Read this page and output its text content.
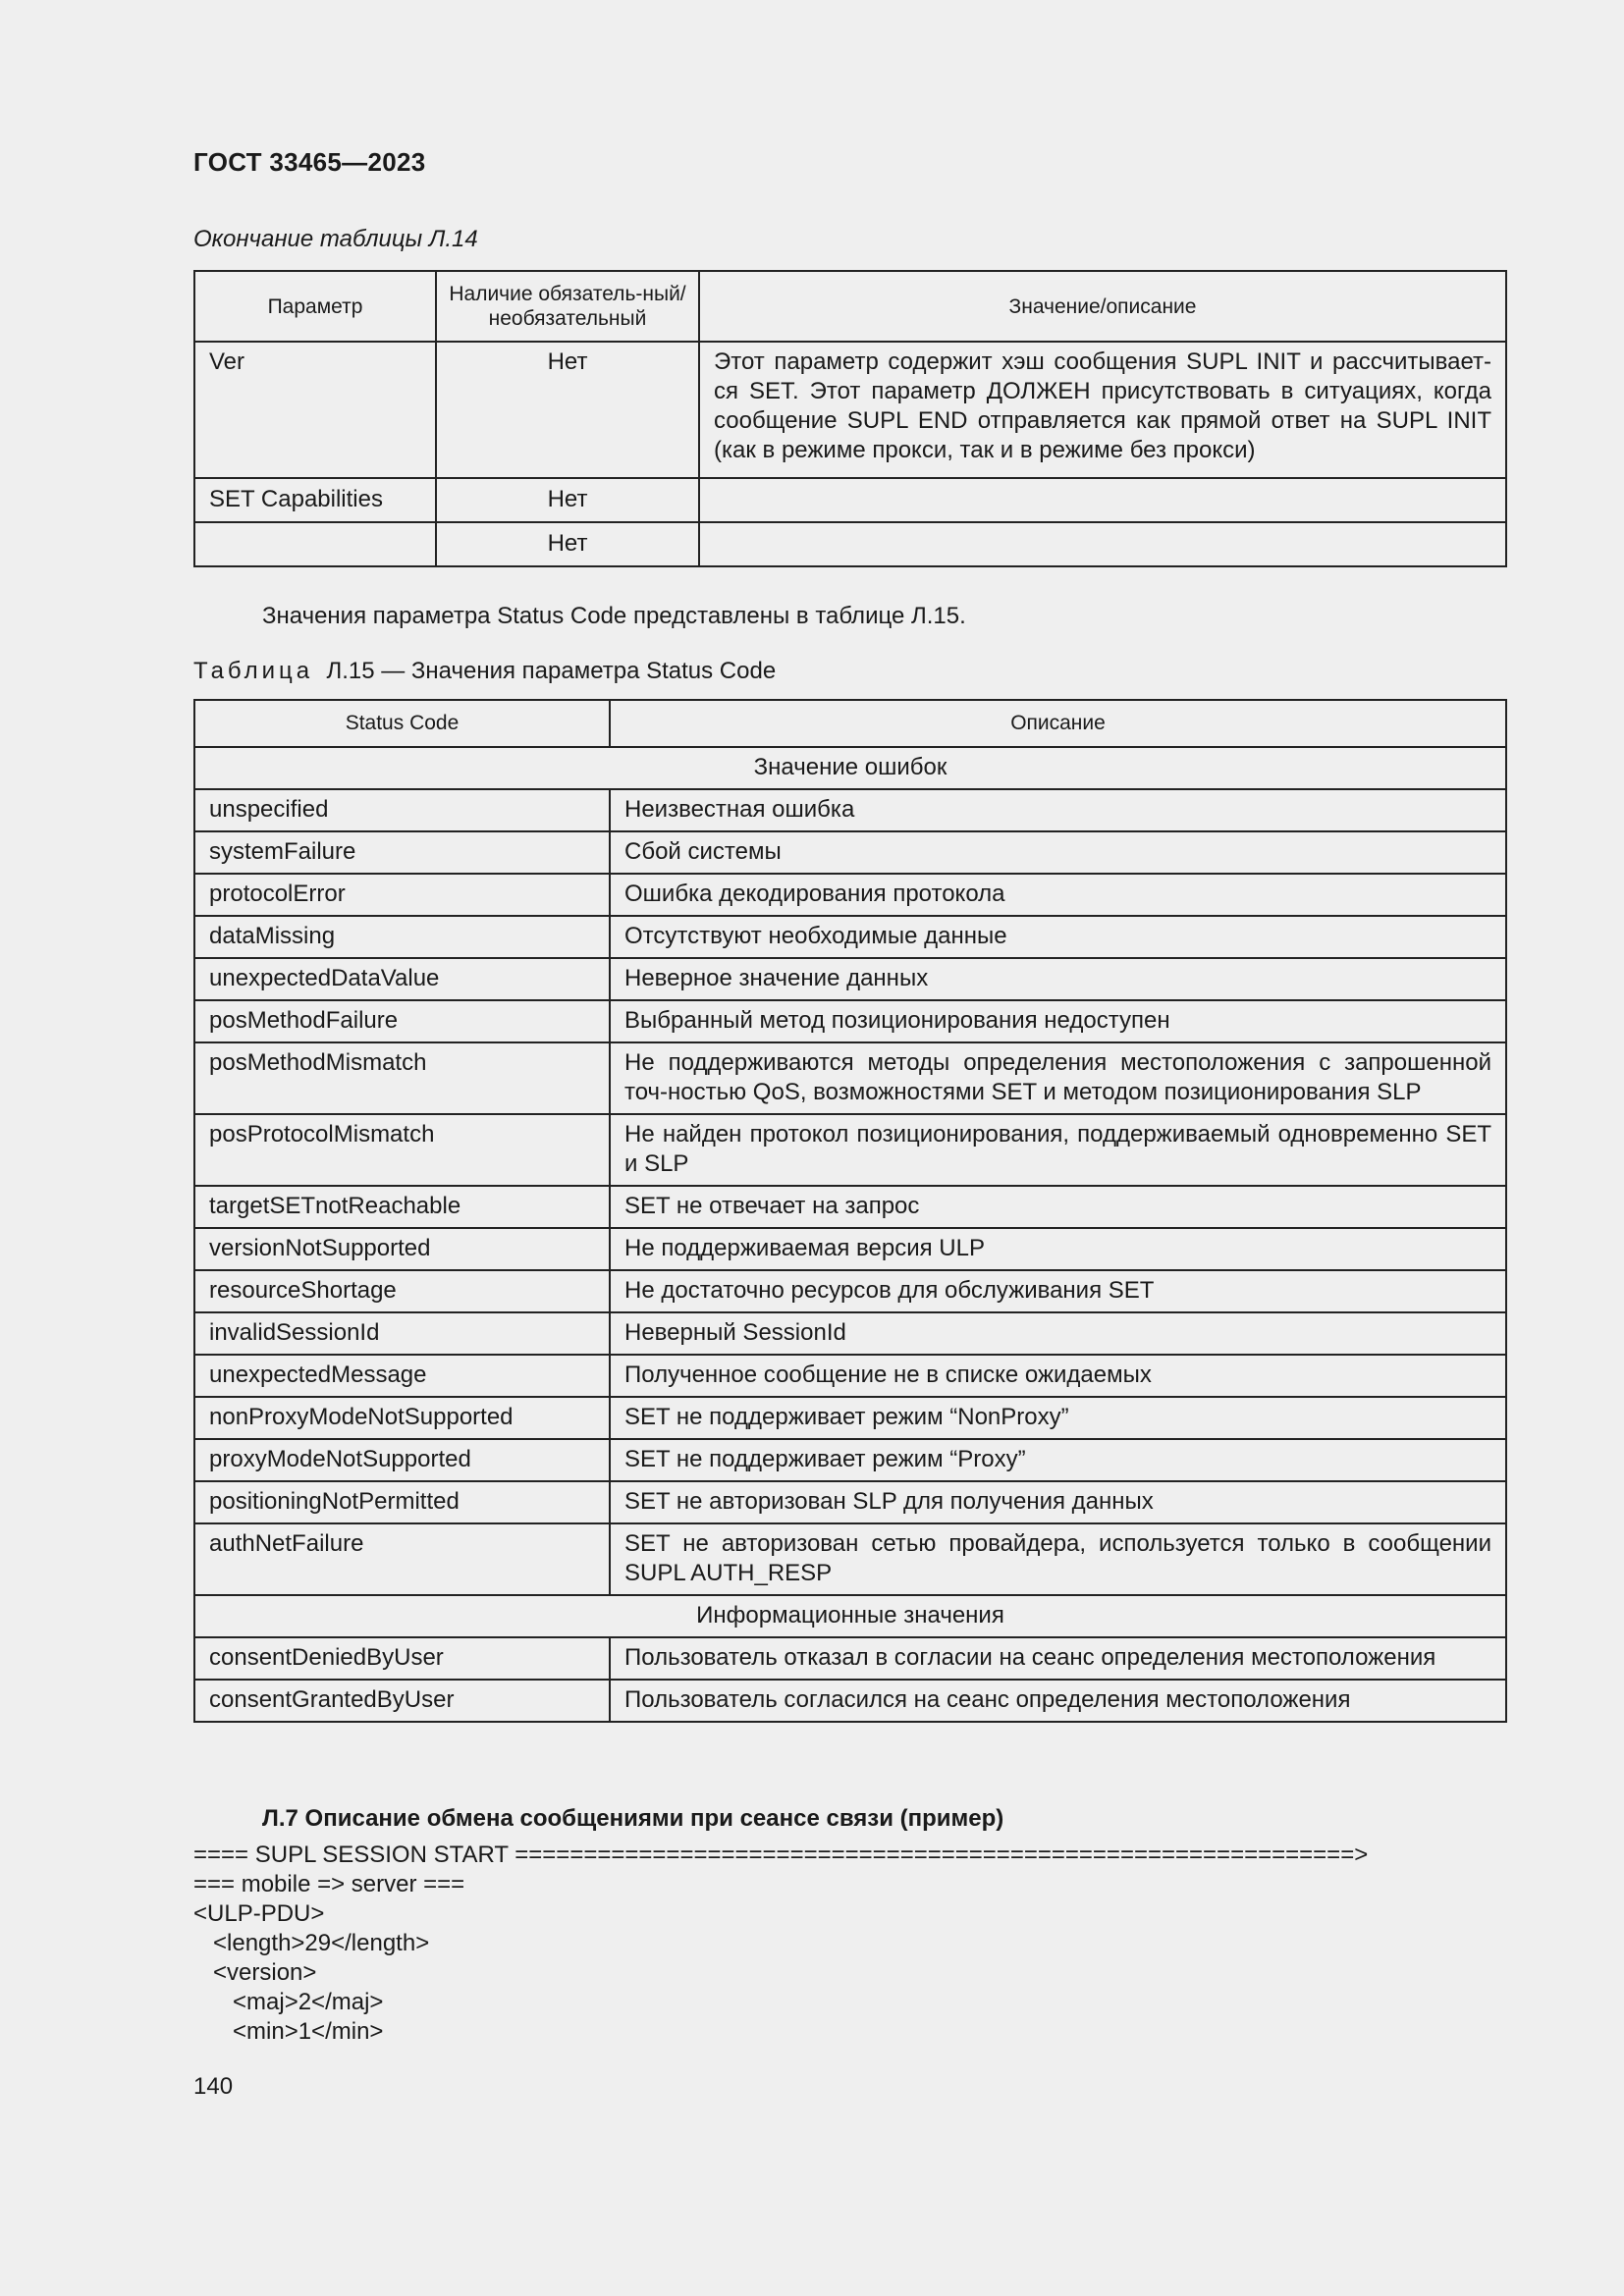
ГОСТ 33465—2023
Окончание таблицы Л.14
Параметр	Наличие обязатель-ный/необязательный	Значение/описание
Ver	Нет	Этот параметр содержит хэш сообщения SUPL INIT и рассчитывает-ся SET. Этот параметр ДОЛЖЕН присутствовать в ситуациях, когда сообщение SUPL END отправляется как прямой ответ на SUPL INIT (как в режиме прокси, так и в режиме без прокси)
SET Capabilities	Нет	
	Нет	
Значения параметра Status Code представлены в таблице Л.15.
Таблица Л.15 — Значения параметра Status Code
Status Code	Описание
Значение ошибок	
unspecified	Неизвестная ошибка
systemFailure	Сбой системы
protocolError	Ошибка декодирования протокола
dataMissing	Отсутствуют необходимые данные
unexpectedDataValue	Неверное значение данных
posMethodFailure	Выбранный метод позиционирования недоступен
posMethodMismatch	Не поддерживаются методы определения местоположения с запрошенной точ-ностью QoS, возможностями SET и методом позиционирования SLP
posProtocolMismatch	Не найден протокол позиционирования, поддерживаемый одновременно SET и SLP
targetSETnotReachable	SET не отвечает на запрос
versionNotSupported	Не поддерживаемая версия ULP
resourceShortage	Не достаточно ресурсов для обслуживания SET
invalidSessionId	Неверный SessionId
unexpectedMessage	Полученное сообщение не в списке ожидаемых
nonProxyModeNotSupported	SET не поддерживает режим “NonProxy”
proxyModeNotSupported	SET не поддерживает режим “Proxy”
positioningNotPermitted	SET не авторизован SLP для получения данных
authNetFailure	SET не авторизован сетью провайдера, используется только в сообщении SUPL AUTH_RESP
Информационные значения	
consentDeniedByUser	Пользователь отказал в согласии на сеанс определения местоположения
consentGrantedByUser	Пользователь согласился на сеанс определения местоположения
Л.7 Описание обмена сообщениями при сеансе связи (пример)
==== SUPL SESSION START =============================================================>
=== mobile => server ===
<ULP-PDU>
<length>29</length>
<version>
<maj>2</maj>
<min>1</min>
140
